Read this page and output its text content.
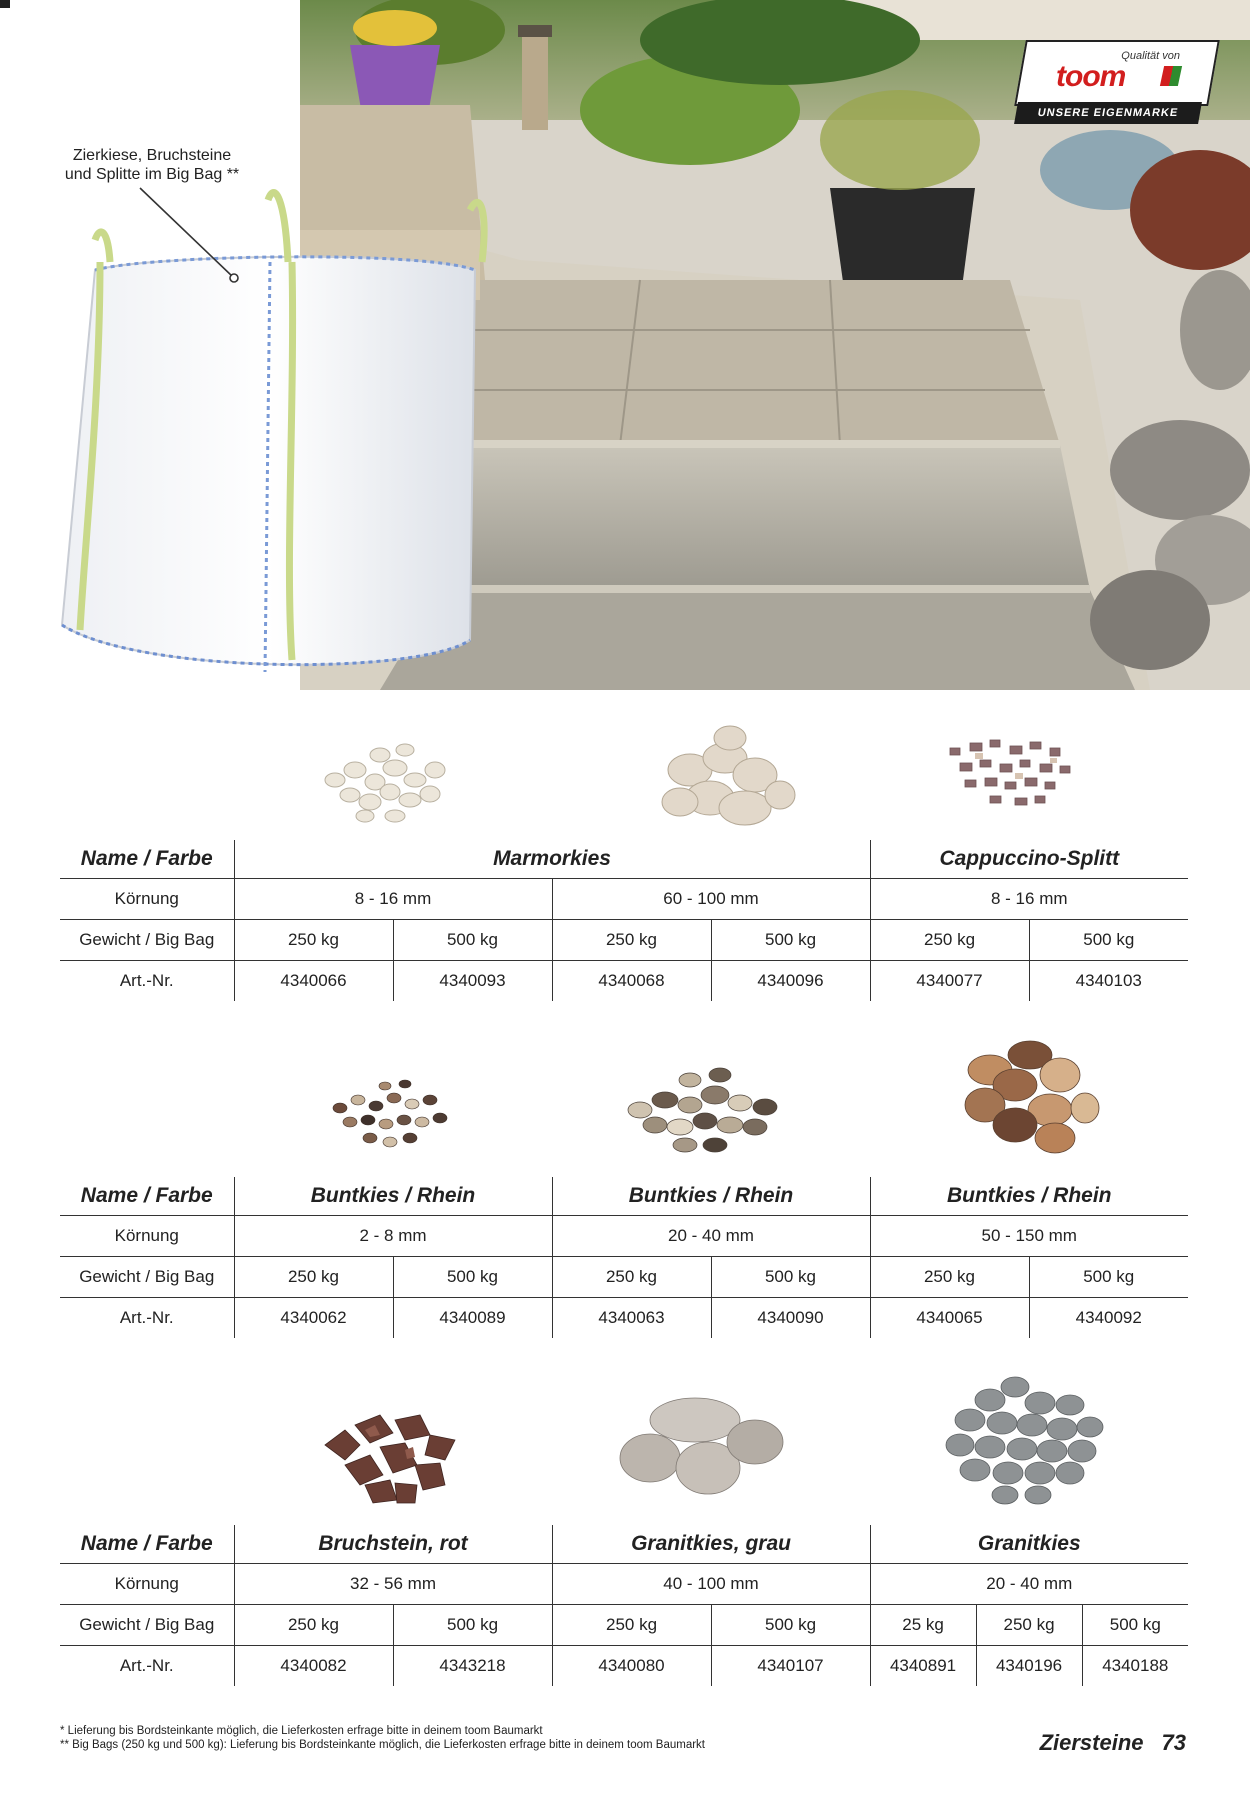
Zierkiese, Bruchsteine
und Splitte im Big Bag **
Qualität von
toom
UNSERE EIGENMARKE
Name / Farbe	Marmorkies				Cappuccino-Splitt	
Körnung	8 - 16 mm		60 - 100 mm		8 - 16 mm	
Gewicht / Big Bag	250 kg	500 kg	250 kg	500 kg	250 kg	500 kg
Art.-Nr.	4340066	4340093	4340068	4340096	4340077	4340103
Name / Farbe	Buntkies / Rhein		Buntkies / Rhein		Buntkies / Rhein	
Körnung	2 - 8 mm		20 - 40 mm		50 - 150 mm	
Gewicht / Big Bag	250 kg	500 kg	250 kg	500 kg	250 kg	500 kg
Art.-Nr.	4340062	4340089	4340063	4340090	4340065	4340092
Name / Farbe	Bruchstein, rot		Granitkies, grau		Granitkies		
Körnung	32 - 56 mm		40 - 100 mm		20 - 40 mm		
Gewicht / Big Bag	250 kg	500 kg	250 kg	500 kg	25 kg	250 kg	500 kg
Art.-Nr.	4340082	4343218	4340080	4340107	4340891	4340196	4340188
* Lieferung bis Bordsteinkante möglich, die Lieferkosten erfrage bitte in deinem toom Baumarkt
** Big Bags (250 kg und 500 kg): Lieferung bis Bordsteinkante möglich, die Lieferkosten erfrage bitte in deinem toom Baumarkt	Ziersteine 73
